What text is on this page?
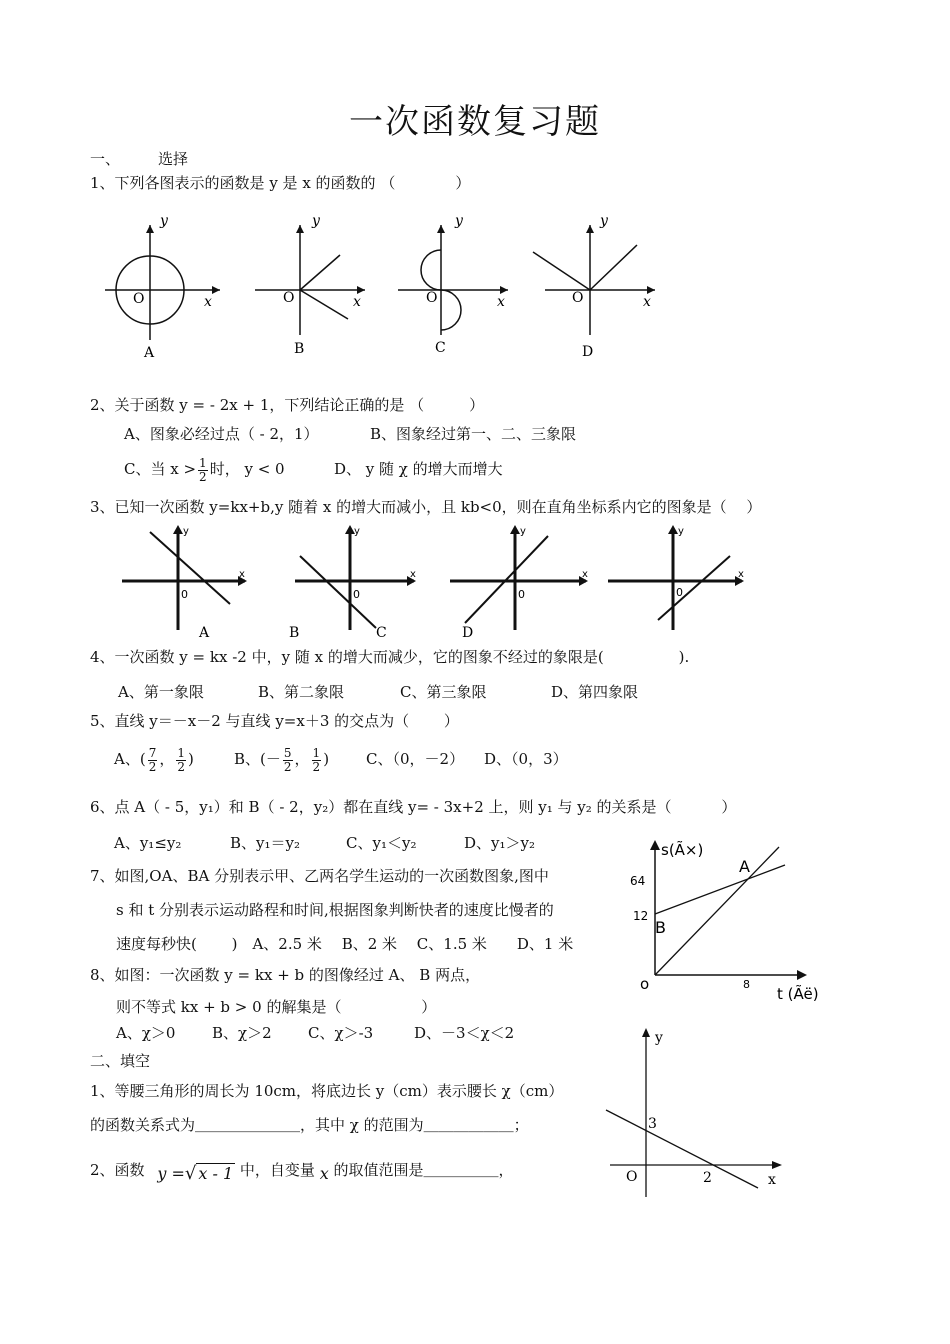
一次函数复习题
一、	选择
1、下列各图表示的函数是 y 是 x 的函数的 （　　　　）
y
x
O
A
y
x
O
B
y
x
O
C
y
x
O
D
2、关于函数 y = - 2x + 1，下列结论正确的是 （　　　）
A、图象必经过点（ - 2，1）	B、图象经过第一、二、三象限
C、当 $x > \frac{1}{2}$ 时， y < 0	D、 y 随 χ 的增大而增大
3、已知一次函数 y=kx+b,y 随着 x 的增大而减小，且 kb<0，则在直角坐标系内它的图象是（　 ）
y
x
0
A
y
x
0
B	C
y
x
0
D
y
x
0
4、一次函数 y = kx -2 中，y 随 x 的增大而减少，它的图象不经过的象限是(　　　　　).
A、第一象限	B、第二象限	C、第三象限	D、第四象限
5、直线 y＝－x－2 与直线 y=x＋3 的交点为（　　 ）
A、( $\frac{7}{2}$ ， $\frac{1}{2}$ )	B、(－ $\frac{5}{2}$ ， $\frac{1}{2}$ ) C、（0，－2） D、（0，3）
6、点 A（ - 5，y₁）和 B（ - 2，y₂）都在直线 y= - 3x+2 上，则 y₁ 与 y₂ 的关系是（　　　 ）
A、y₁≤y₂	B、y₁＝y₂	C、y₁＜y₂	D、y₁＞y₂
7、如图,OA、BA 分别表示甲、乙两名学生运动的一次函数图象,图中
s 和 t 分别表示运动路程和时间,根据图象判断快者的速度比慢者的
速度每秒快(　　 )　A、2.5 米　 B、2 米　 C、1.5 米　　D、1 米
s(Ã×)
t (Ãë)
o
64
12
8
A
B
8、如图：一次函数 y = kx + b 的图像经过 A、 B 两点，
则不等式 kx + b > 0 的解集是（　　　　　 ）
A、χ＞0 B、χ＞2 C、χ＞-3	D、－3＜χ＜2	y
x
O
3
2
二、填空
1、等腰三角形的周长为 10cm，将底边长 y（cm）表示腰长 χ（cm）
的函数关系式为＿＿＿＿＿＿＿，其中 χ 的范围为＿＿＿＿＿＿；
2、函数 y =√ x - 1 中，自变量 x 的取值范围是＿＿＿＿＿，
